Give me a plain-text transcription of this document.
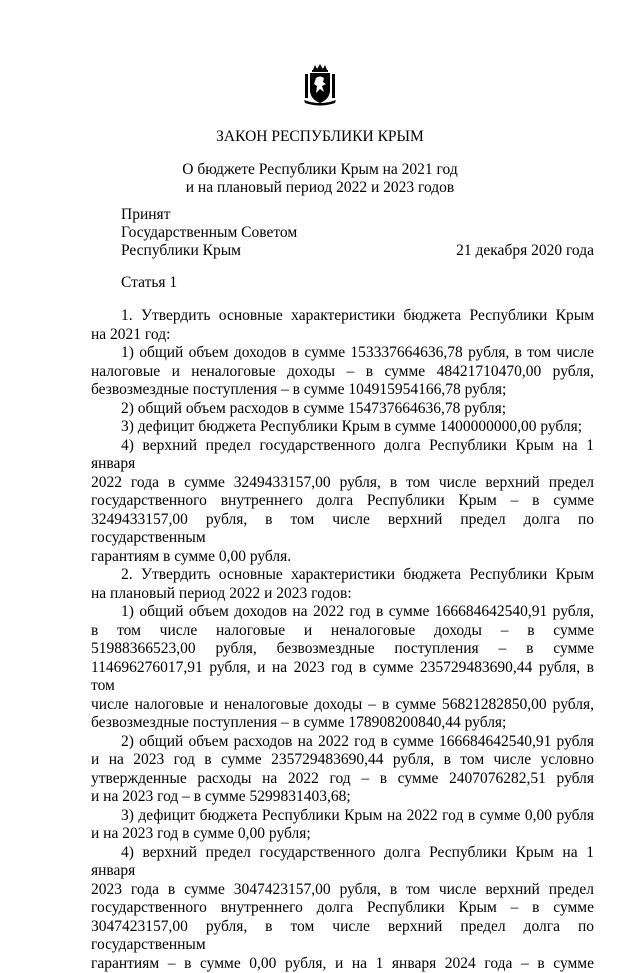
ЗАКОН РЕСПУБЛИКИ КРЫМ
О бюджете Республики Крым на 2021 год
и на плановый период 2022 и 2023 годов
Принят
Государственным Советом
Республики Крым	21 декабря 2020 года
Статья 1
1. Утвердить основные характеристики бюджета Республики Крым
на 2021 год:
1) общий объем доходов в сумме 153337664636,78 рубля, в том числе
налоговые и неналоговые доходы – в сумме 48421710470,00 рубля,
безвозмездные поступления – в сумме 104915954166,78 рубля;
2) общий объем расходов в сумме 154737664636,78 рубля;
3) дефицит бюджета Республики Крым в сумме 1400000000,00 рубля;
4) верхний предел государственного долга Республики Крым на 1 января
2022 года в сумме 3249433157,00 рубля, в том числе верхний предел
государственного внутреннего долга Республики Крым – в сумме
3249433157,00 рубля, в том числе верхний предел долга по государственным
гарантиям в сумме 0,00 рубля.
2. Утвердить основные характеристики бюджета Республики Крым
на плановый период 2022 и 2023 годов:
1) общий объем доходов на 2022 год в сумме 166684642540,91 рубля,
в том числе налоговые и неналоговые доходы – в сумме
51988366523,00 рубля, безвозмездные поступления – в сумме
114696276017,91 рубля, и на 2023 год в сумме 235729483690,44 рубля, в том
числе налоговые и неналоговые доходы – в сумме 56821282850,00 рубля,
безвозмездные поступления – в сумме 178908200840,44 рубля;
2) общий объем расходов на 2022 год в сумме 166684642540,91 рубля
и на 2023 год в сумме 235729483690,44 рубля, в том числе условно
утвержденные расходы на 2022 год – в сумме 2407076282,51 рубля
и на 2023 год – в сумме 5299831403,68;
3) дефицит бюджета Республики Крым на 2022 год в сумме 0,00 рубля
и на 2023 год в сумме 0,00 рубля;
4) верхний предел государственного долга Республики Крым на 1 января
2023 года в сумме 3047423157,00 рубля, в том числе верхний предел
государственного внутреннего долга Республики Крым – в сумме
3047423157,00 рубля, в том числе верхний предел долга по государственным
гарантиям – в сумме 0,00 рубля, и на 1 января 2024 года – в сумме
